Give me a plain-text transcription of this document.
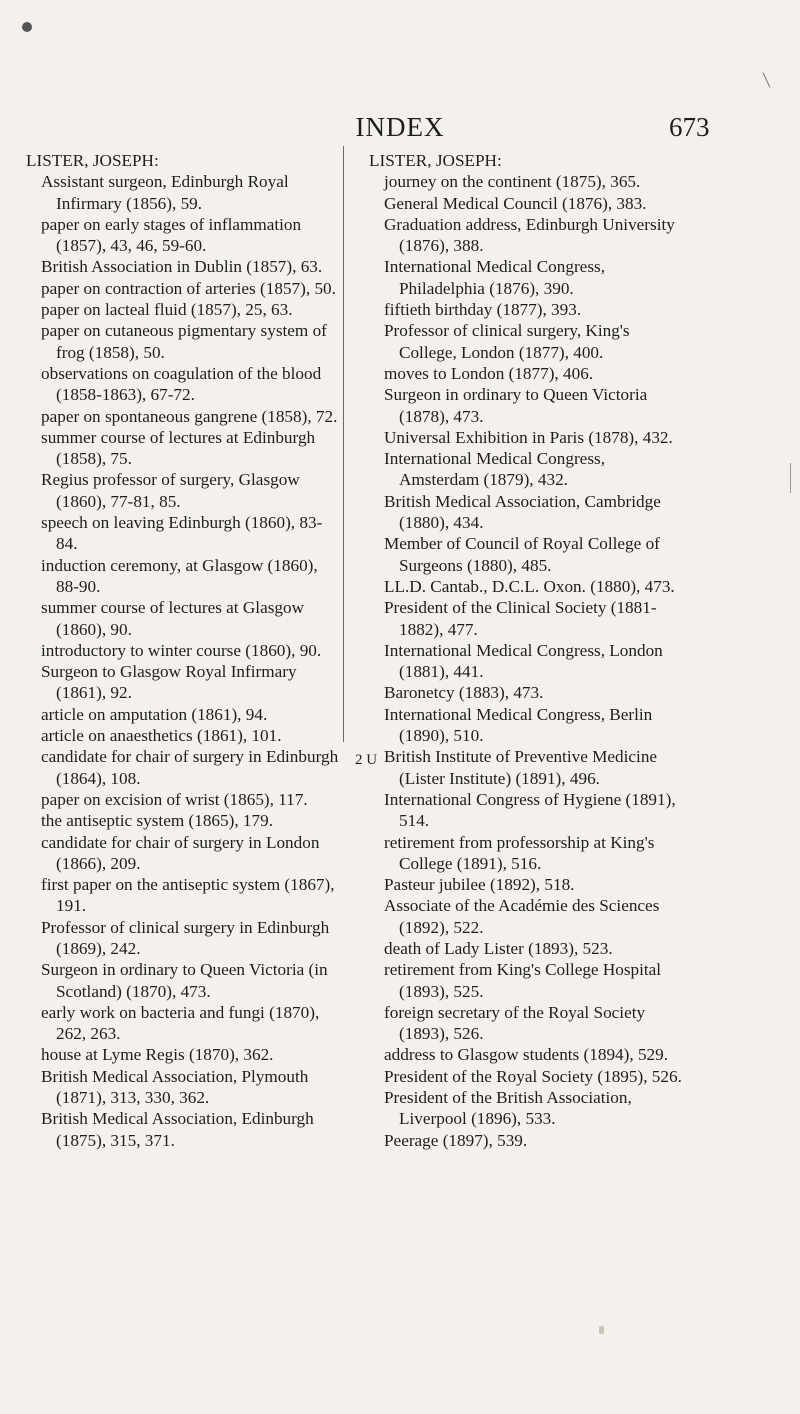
INDEX	673

LISTER, JOSEPH:

Assistant surgeon, Edinburgh Royal Infirmary (1856), 59.

paper on early stages of inflammation (1857), 43, 46, 59-60.

British Association in Dublin (1857), 63.

paper on contraction of arteries (1857), 50.

paper on lacteal fluid (1857), 25, 63.

paper on cutaneous pigmentary system of frog (1858), 50.

observations on coagulation of the blood (1858-1863), 67-72.

paper on spontaneous gangrene (1858), 72.

summer course of lectures at Edinburgh (1858), 75.

Regius professor of surgery, Glasgow (1860), 77-81, 85.

speech on leaving Edinburgh (1860), 83-84.

induction ceremony, at Glasgow (1860), 88-90.

summer course of lectures at Glasgow (1860), 90.

introductory to winter course (1860), 90.

Surgeon to Glasgow Royal Infirmary (1861), 92.

article on amputation (1861), 94.

article on anaesthetics (1861), 101.

candidate for chair of surgery in Edinburgh (1864), 108.

paper on excision of wrist (1865), 117.

the antiseptic system (1865), 179.

candidate for chair of surgery in London (1866), 209.

first paper on the antiseptic system (1867), 191.

Professor of clinical surgery in Edinburgh (1869), 242.

Surgeon in ordinary to Queen Victoria (in Scotland) (1870), 473.

early work on bacteria and fungi (1870), 262, 263.

house at Lyme Regis (1870), 362.

British Medical Association, Plymouth (1871), 313, 330, 362.

British Medical Association, Edinburgh (1875), 315, 371.

LISTER, JOSEPH:

journey on the continent (1875), 365.

General Medical Council (1876), 383.

Graduation address, Edinburgh University (1876), 388.

International Medical Congress, Philadelphia (1876), 390.

fiftieth birthday (1877), 393.

Professor of clinical surgery, King's College, London (1877), 400.

moves to London (1877), 406.

Surgeon in ordinary to Queen Victoria (1878), 473.

Universal Exhibition in Paris (1878), 432.

International Medical Congress, Amsterdam (1879), 432.

British Medical Association, Cambridge (1880), 434.

Member of Council of Royal College of Surgeons (1880), 485.

LL.D. Cantab., D.C.L. Oxon. (1880), 473.

President of the Clinical Society (1881-1882), 477.

International Medical Congress, London (1881), 441.

Baronetcy (1883), 473.

International Medical Congress, Berlin (1890), 510.

British Institute of Preventive Medicine (Lister Institute) (1891), 496.

International Congress of Hygiene (1891), 514.

retirement from professorship at King's College (1891), 516.

Pasteur jubilee (1892), 518.

Associate of the Académie des Sciences (1892), 522.

death of Lady Lister (1893), 523.

retirement from King's College Hospital (1893), 525.

foreign secretary of the Royal Society (1893), 526.

address to Glasgow students (1894), 529.

President of the Royal Society (1895), 526.

President of the British Association, Liverpool (1896), 533.

Peerage (1897), 539.

2 U
